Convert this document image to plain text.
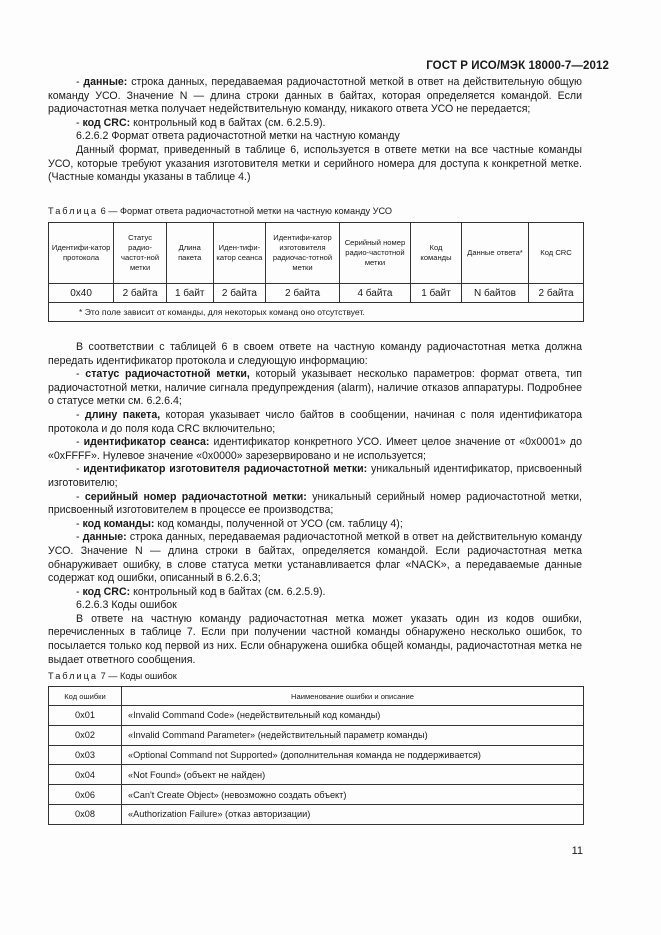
ГОСТ Р ИСО/МЭК 18000-7—2012

- данные: строка данных, передаваемая радиочастотной меткой в ответ на действительную общую команду УСО. Значение N — длина строки данных в байтах, которая определяется командой. Если радиочастотная метка получает недействительную команду, никакого ответа УСО не передается;

- код CRC: контрольный код в байтах (см. 6.2.5.9).

6.2.6.2 Формат ответа радиочастотной метки на частную команду

Данный формат, приведенный в таблице 6, используется в ответе метки на все частные команды УСО, которые требуют указания изготовителя метки и серийного номера для доступа к конкретной метке. (Частные команды указаны в таблице 4.)

Таблица 6 — Формат ответа радиочастотной метки на частную команду УСО
Идентифи-катор протокола	Статус радио-частот-ной метки	Длина пакета	Иден-тифи-катор сеанса	Идентифи-катор изготовителя радиочас-тотной метки	Серийный номер радио-частотной метки	Код команды	Данные ответа*	Код CRC
0x40	2 байта	1 байт	2 байта	2 байта	4 байта	1 байт	N байтов	2 байта
* Это поле зависит от команды, для некоторых команд оно отсутствует.								

В соответствии с таблицей 6 в своем ответе на частную команду радиочастотная метка должна передать идентификатор протокола и следующую информацию:

- статус радиочастотной метки, который указывает несколько параметров: формат ответа, тип радиочастотной метки, наличие сигнала предупреждения (alarm), наличие отказов аппаратуры. Подробнее о статусе метки см. 6.2.6.4;

- длину пакета, которая указывает число байтов в сообщении, начиная с поля идентификатора протокола и до поля кода CRC включительно;

- идентификатор сеанса: идентификатор конкретного УСО. Имеет целое значение от «0x0001» до «0xFFFF». Нулевое значение «0x0000» зарезервировано и не используется;

- идентификатор изготовителя радиочастотной метки: уникальный идентификатор, присвоенный изготовителю;

- серийный номер радиочастотной метки: уникальный серийный номер радиочастотной метки, присвоенный изготовителем в процессе ее производства;

- код команды: код команды, полученной от УСО (см. таблицу 4);

- данные: строка данных, передаваемая радиочастотной меткой в ответ на действительную команду УСО. Значение N — длина строки в байтах, определяется командой. Если радиочастотная метка обнаруживает ошибку, в слове статуса метки устанавливается флаг «NACK», а передаваемые данные содержат код ошибки, описанный в 6.2.6.3;

- код CRC: контрольный код в байтах (см. 6.2.5.9).

6.2.6.3 Коды ошибок

В ответе на частную команду радиочастотная метка может указать один из кодов ошибки, перечисленных в таблице 7. Если при получении частной команды обнаружено несколько ошибок, то посылается только код первой из них. Если обнаружена ошибка общей команды, радиочастотная метка не выдает ответного сообщения.

Таблица 7 — Коды ошибок
Код ошибки	Наименование ошибки и описание
0x01	«Invalid Command Code» (недействительный код команды)
0x02	«Invalid Command Parameter» (недействительный параметр команды)
0x03	«Optional Command not Supported» (дополнительная команда не поддерживается)
0x04	«Not Found» (объект не найден)
0x06	«Can't Create Object» (невозможно создать объект)
0x08	«Authorization Failure» (отказ авторизации)
11
